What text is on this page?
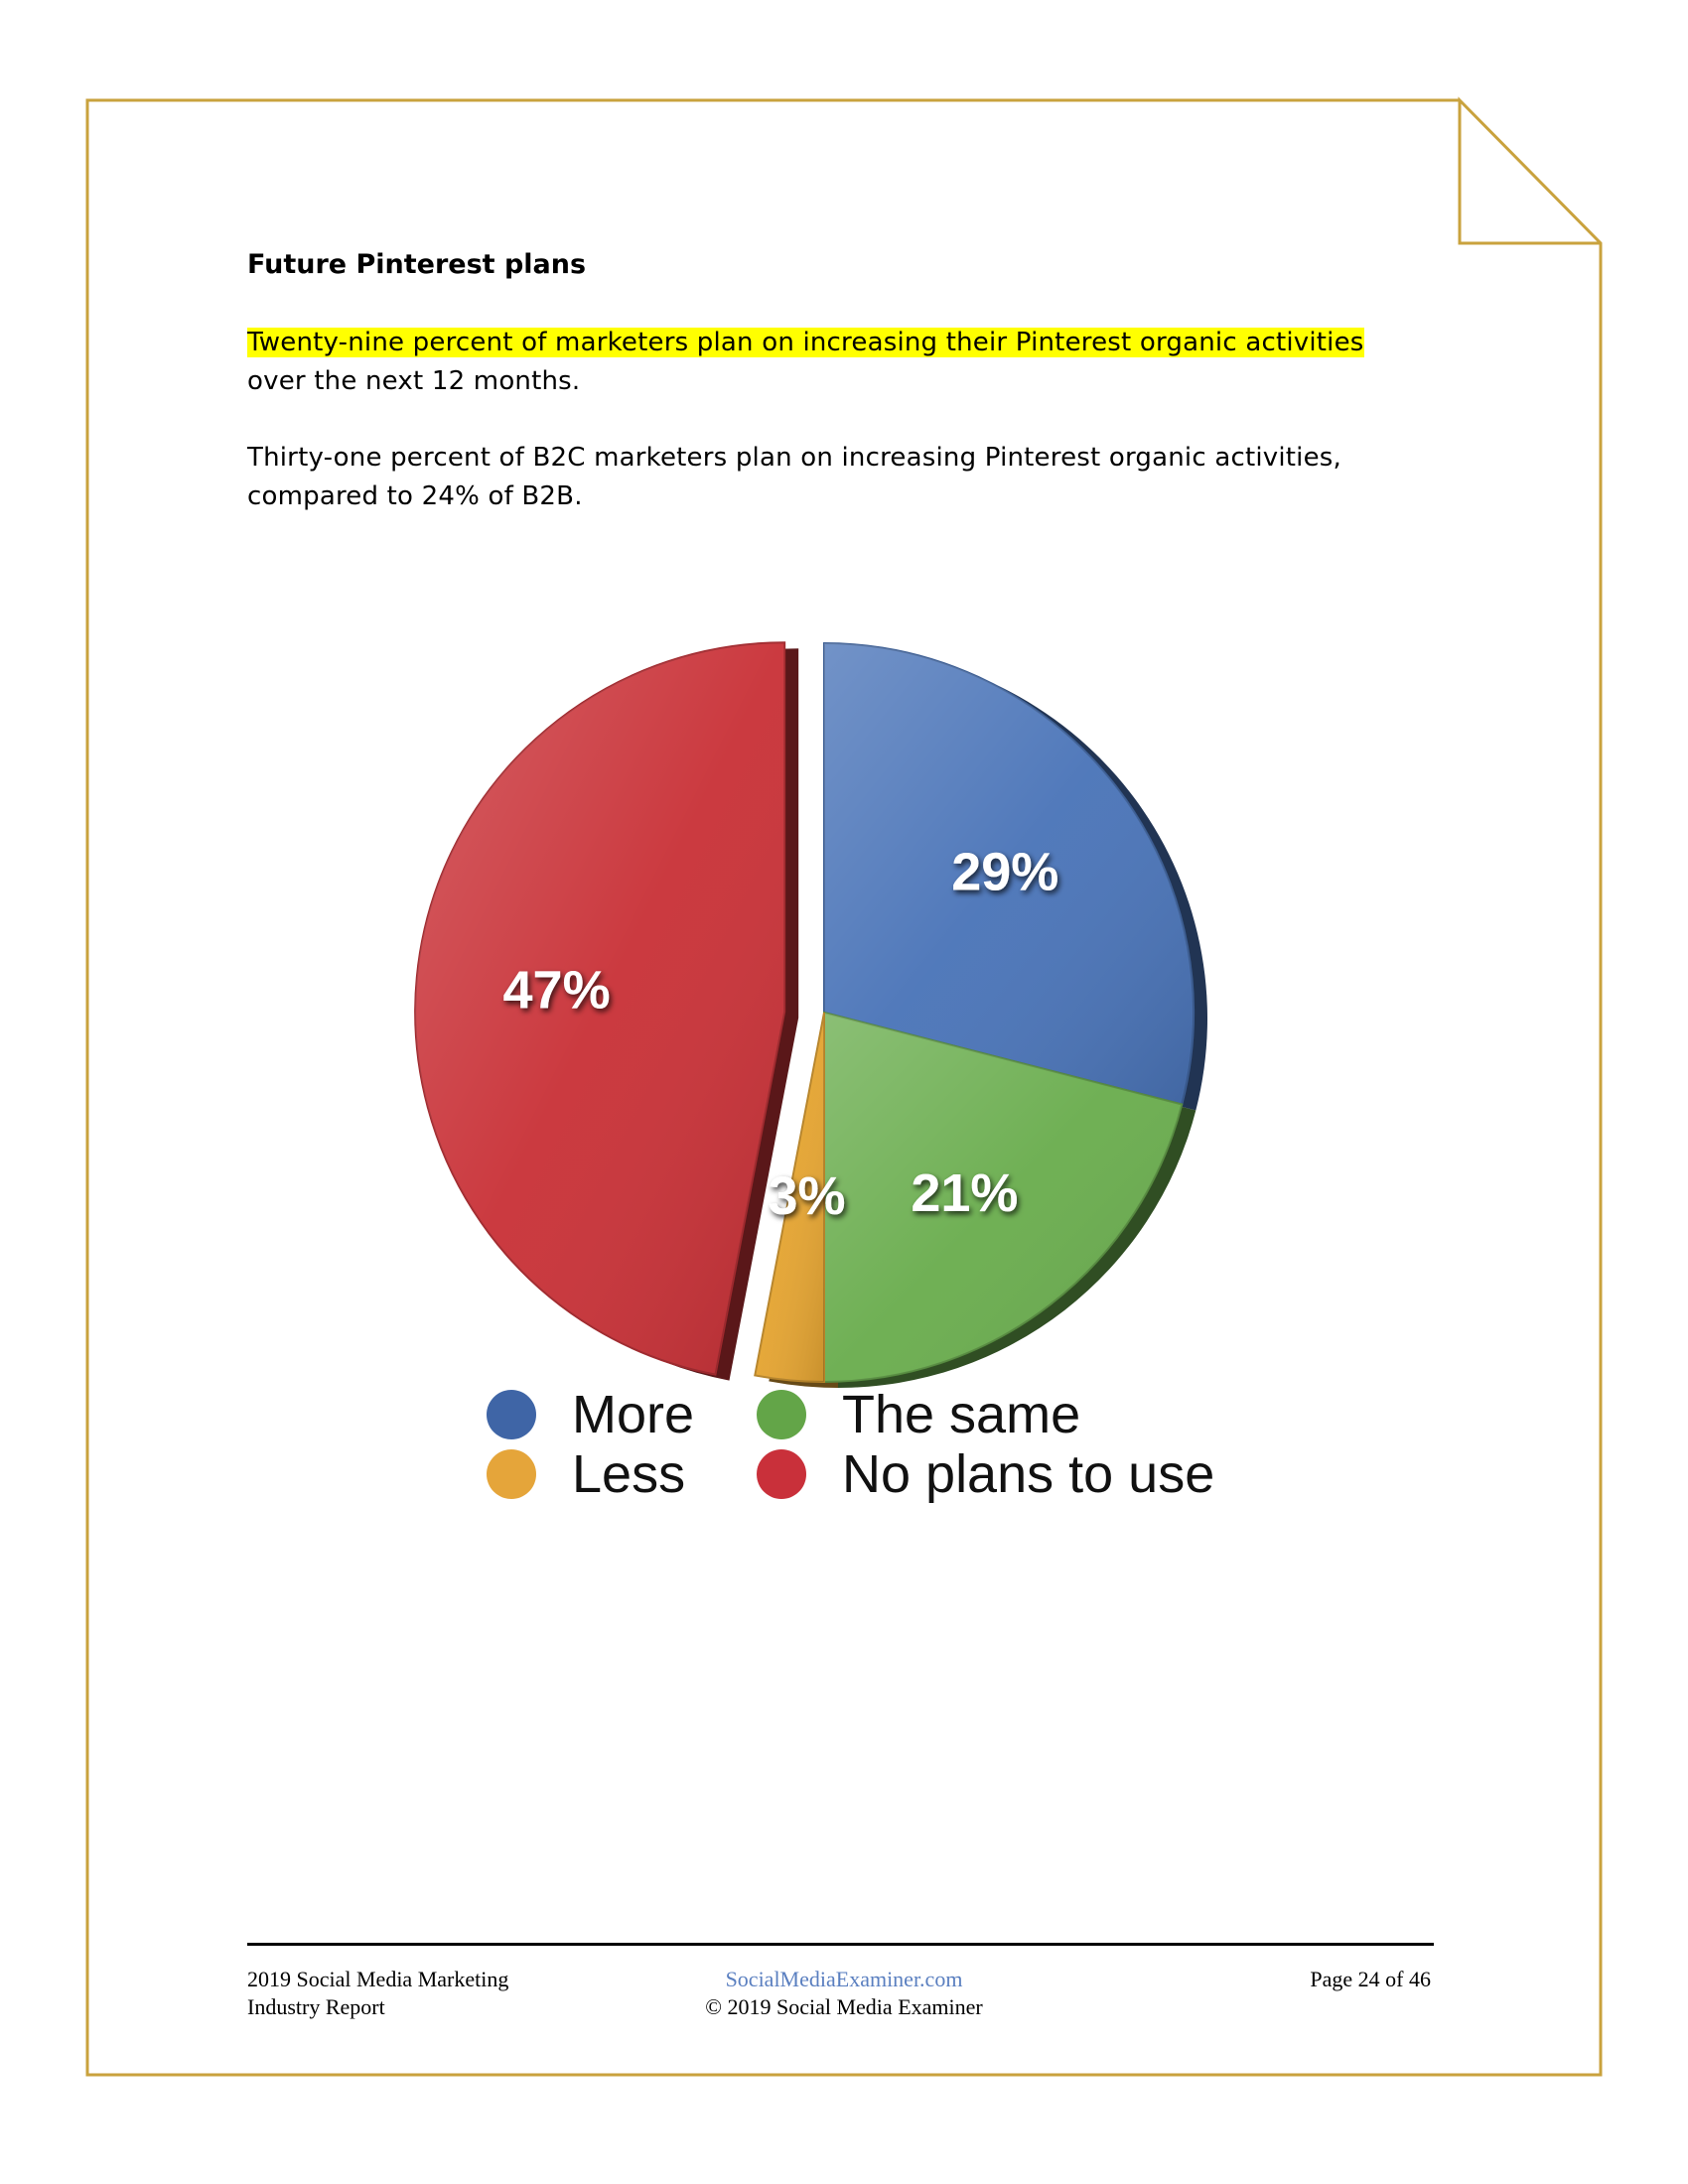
Future Pinterest plans
Twenty-nine percent of marketers plan on increasing their Pinterest organic activities
over the next 12 months.
Thirty-one percent of B2C marketers plan on increasing Pinterest organic activities,
compared to 24% of B2B.
29%
21%
3%
47%
More	The same
Less	No plans to use
2019 Social Media Marketing
Industry Report
SocialMediaExaminer.com
© 2019 Social Media Examiner
Page 24 of 46
